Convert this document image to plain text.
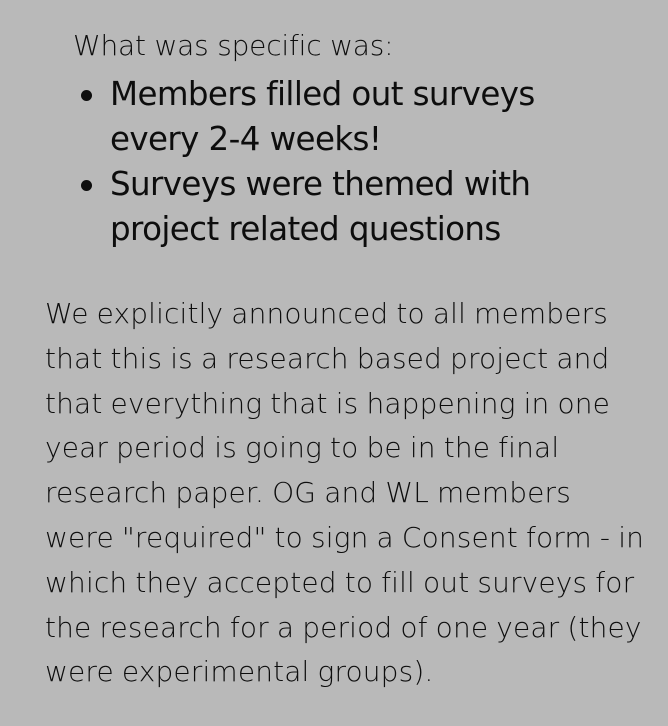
What was specific was:
Members filled out surveys every 2-4 weeks!
Surveys were themed with project related questions

We explicitly announced to all members that this is a research based project and that everything that is happening in one year period is going to be in the final research paper. OG and WL members were "required" to sign a Consent form - in which they accepted to fill out surveys for the research for a period of one year (they were experimental groups).
